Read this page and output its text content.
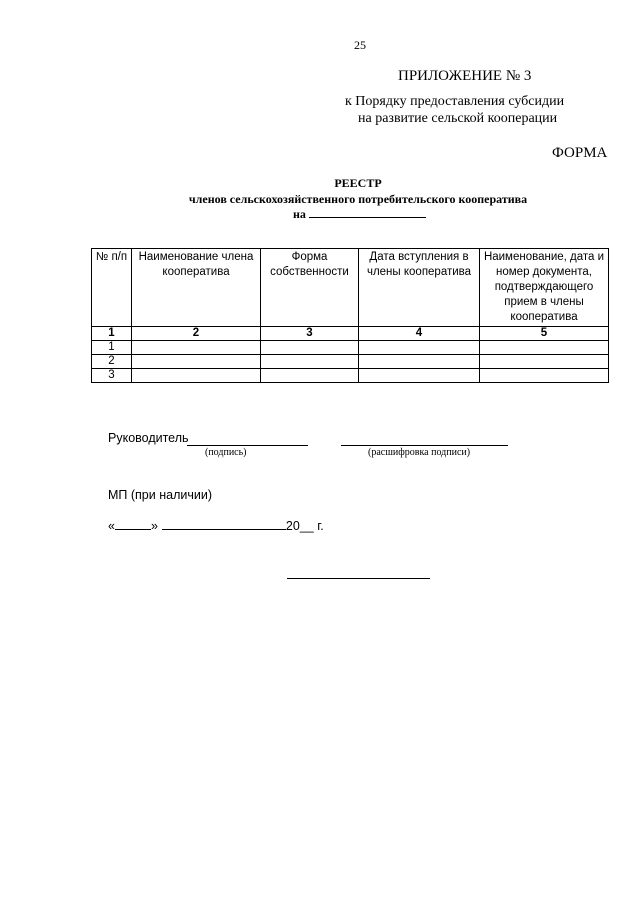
25
ПРИЛОЖЕНИЕ № 3
к Порядку предоставления субсидии
на развитие сельской кооперации
ФОРМА
РЕЕСТР
членов сельскохозяйственного потребительского кооператива
на
№ п/п	Наименование члена кооператива	Форма собственности	Дата вступления в члены кооператива	Наименование, дата и номер документа, подтверждающего прием в члены кооператива
1	2	3	4	5
1				
2				
3				
Руководитель
(подпись)	(расшифровка подписи)
МП (при наличии)
«	»	20__ г.
